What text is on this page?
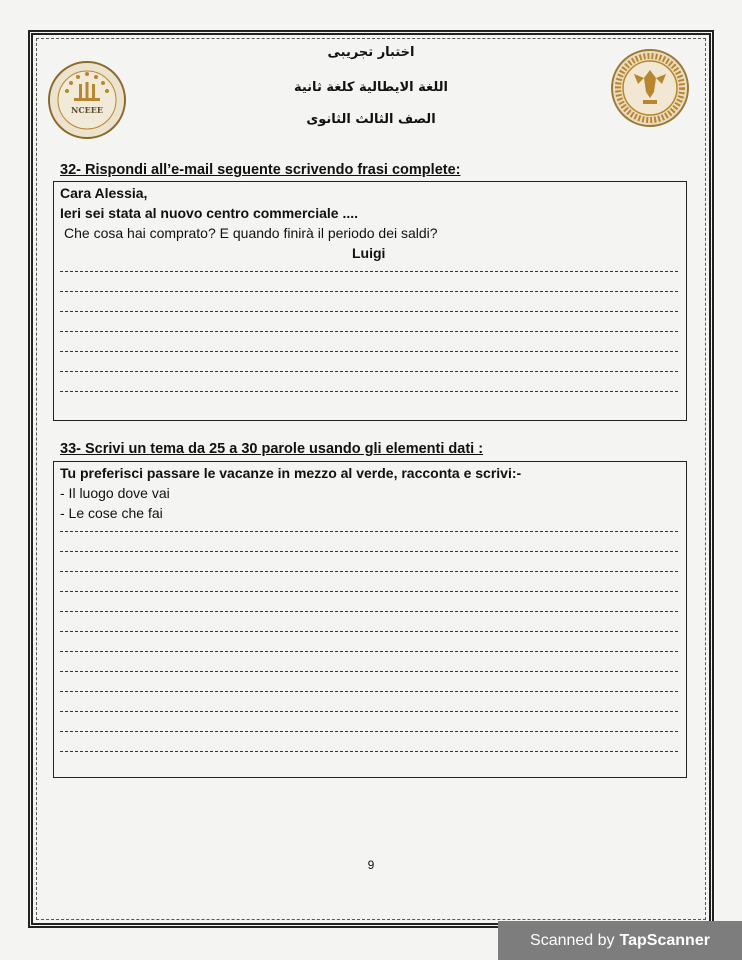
NCEEE
اختبار تجريبى
اللغة الايطالية كلغة ثانية
الصف الثالث الثانوى
32- Rispondi all’e-mail seguente scrivendo frasi complete:
Cara Alessia,
Ieri sei stata al nuovo centro commerciale ....
Che cosa hai comprato? E quando finirà il periodo dei saldi?
Luigi
33- Scrivi un tema da 25 a 30 parole usando gli elementi dati :
Tu preferisci passare le vacanze in mezzo al verde, racconta e scrivi:-
- Il luogo dove vai
- Le cose che fai
9
Scanned by TapScanner
